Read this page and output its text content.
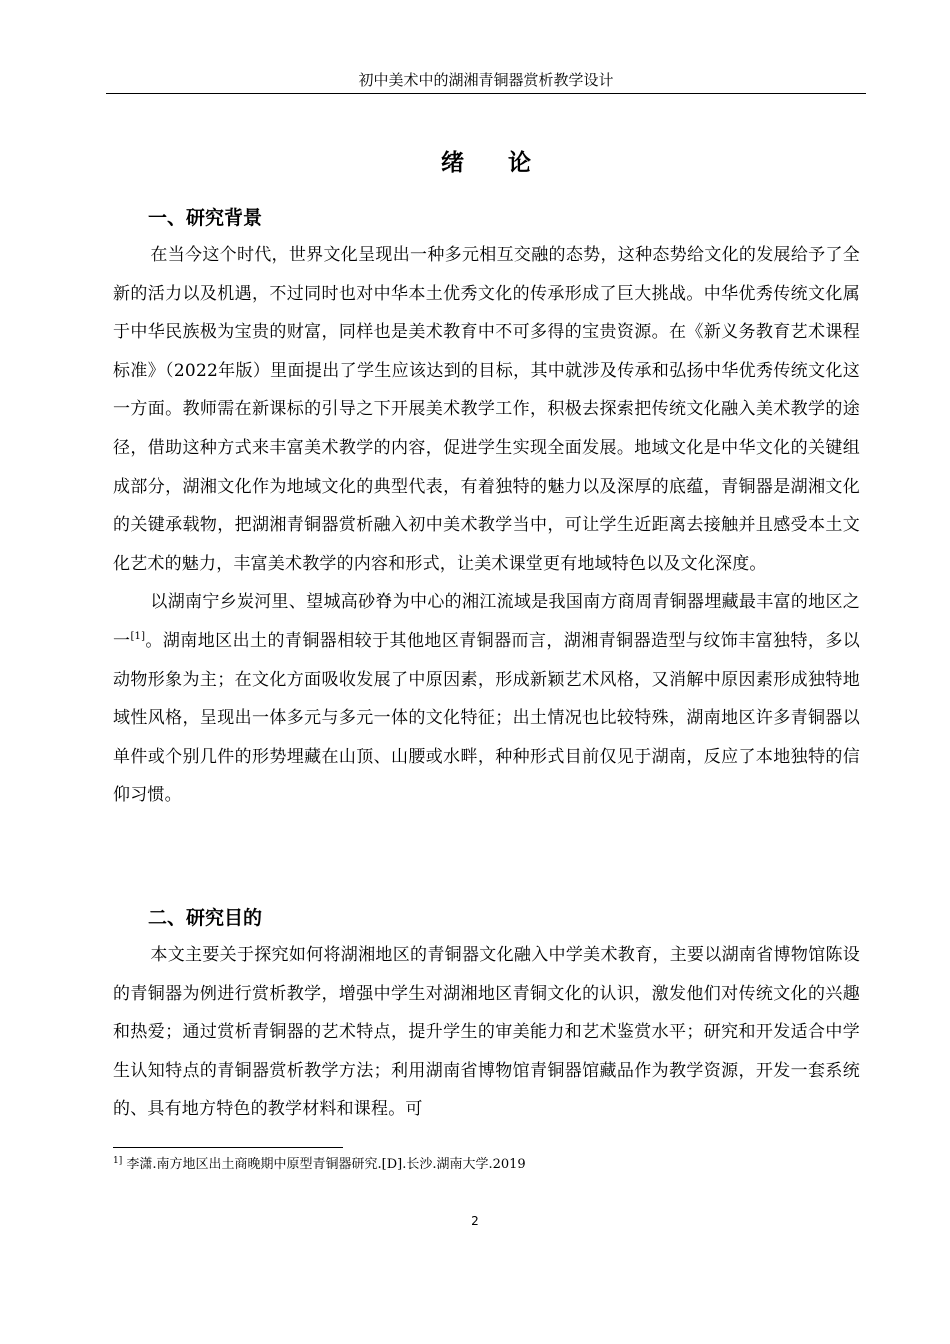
初中美术中的湖湘青铜器赏析教学设计
绪 论
一、研究背景

在当今这个时代，世界文化呈现出一种多元相互交融的态势，这种态势给文化的发展给予了全新的活力以及机遇，不过同时也对中华本土优秀文化的传承形成了巨大挑战。中华优秀传统文化属于中华民族极为宝贵的财富，同样也是美术教育中不可多得的宝贵资源。在《新义务教育艺术课程标准》（2022年版）里面提出了学生应该达到的目标，其中就涉及传承和弘扬中华优秀传统文化这一方面。教师需在新课标的引导之下开展美术教学工作，积极去探索把传统文化融入美术教学的途径，借助这种方式来丰富美术教学的内容，促进学生实现全面发展。地域文化是中华文化的关键组成部分，湖湘文化作为地域文化的典型代表，有着独特的魅力以及深厚的底蕴，青铜器是湖湘文化的关键承载物，把湖湘青铜器赏析融入初中美术教学当中，可让学生近距离去接触并且感受本土文化艺术的魅力，丰富美术教学的内容和形式，让美术课堂更有地域特色以及文化深度。

以湖南宁乡炭河里、望城高砂脊为中心的湘江流域是我国南方商周青铜器埋藏最丰富的地区之一[1]。湖南地区出土的青铜器相较于其他地区青铜器而言，湖湘青铜器造型与纹饰丰富独特，多以动物形象为主；在文化方面吸收发展了中原因素，形成新颖艺术风格，又消解中原因素形成独特地域性风格，呈现出一体多元与多元一体的文化特征；出土情况也比较特殊，湖南地区许多青铜器以单件或个别几件的形势埋藏在山顶、山腰或水畔，种种形式目前仅见于湖南，反应了本地独特的信仰习惯。

二、研究目的

本文主要关于探究如何将湖湘地区的青铜器文化融入中学美术教育，主要以湖南省博物馆陈设的青铜器为例进行赏析教学，增强中学生对湖湘地区青铜文化的认识，激发他们对传统文化的兴趣和热爱；通过赏析青铜器的艺术特点，提升学生的审美能力和艺术鉴赏水平；研究和开发适合中学生认知特点的青铜器赏析教学方法；利用湖南省博物馆青铜器馆藏品作为教学资源，开发一套系统的、具有地方特色的教学材料和课程。可

$^{1]}$ 李潇.南方地区出土商晚期中原型青铜器研究.[D].长沙.湖南大学.2019
2
